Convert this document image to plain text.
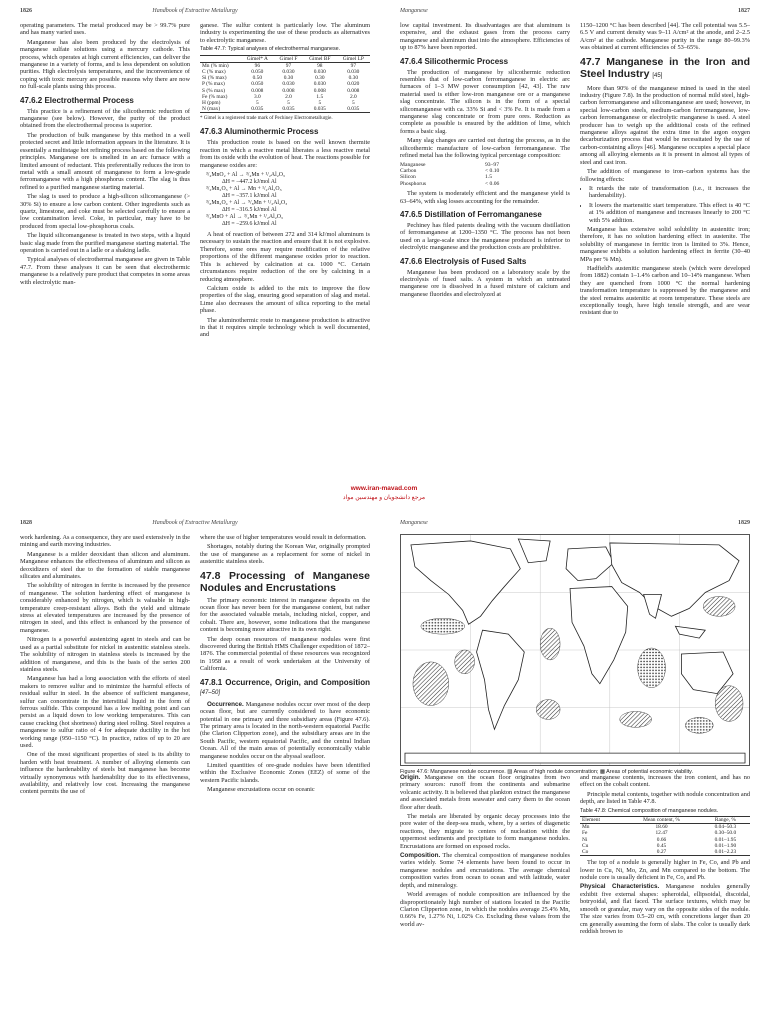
1826	Handbook of Extractive Metallurgy

operating parameters. The metal produced may be > 99.7% pure and has many varied uses.

Manganese has also been produced by the electrolysis of manganese sulfate solutions using a mercury cathode. This process, which operates at high current efficiencies, can deliver the manganese in a variety of forms, and is less dependent on solution purities. High electrolysis temperatures, and the inconvenience of coping with toxic mercury are possible reasons why there are now no full-scale plants using this process.

47.6.2 Electrothermal Process

This practice is a refinement of the silicothermic reduction of manganese (see below). However, the purity of the product obtained from the electrothermal process is superior.

The production of bulk manganese by this method in a well protected secret and little information appears in the literature. It is essentially a multistage hot refining process based on the following principles. Manganese ore is smelted in an arc furnace with a limited amount of reductant. This preferentially reduces the iron to metal with a small amount of manganese to form a low-grade ferromanganese with a high phosphorus content. The slag is thus refined to a purified manganese starting material.

The slag is used to produce a high-silicon silicomanganese (> 30% Si) to ensure a low carbon content. Other ingredients such as quartz, limestone, and coke must be selected carefully to ensure a low contamination level. Coke, in particular, may have to be produced from special low-phosphorus coals.

The liquid silicomanganese is treated in two steps, with a liquid basic slag made from the purified manganese starting material. The operation is carried out in a ladle or a shaking ladle.

Typical analyses of electrothermal manganese are given in Table 47.7. From these analyses it can be seen that electrothermic manganese is a relatively pure product that competes in some areas with electrolytic man-

ganese. The sulfur content is particularly low. The aluminum industry is experimenting the use of these products as alternatives to electrolytic manganese.

Table 47.7: Typical analyses of electrothermal manganese.
	Gimel* A	Gimel F	Gimel BF	Gimel LP
Mn (% min)	96	97	98	97
C (% max)	0.050	0.030	0.030	0.030
Si (% max)	0.50	0.30	0.30	0.30
P (% max)	0.050	0.030	0.030	0.020
S (% max)	0.008	0.008	0.008	0.008
Fe (% max)	3.0	2.0	1.5	2.0
H (ppm)	5	5	5	5
N (max)	0.035	0.035	0.035	0.035
* Gimel is a registered trade mark of Pechiney Electrometallurgie.
47.6.3 Aluminothermic Process

This production route is based on the well known thermite reaction in which a reactive metal liberates a less reactive metal from its oxide with the evolution of heat. The reactions possible for manganese oxides are:

³/₄MnO₂ + Al → ³/₄Mn + ¹/₂Al₂O₃
ΔH = −447.2 kJ/mol Al
³/₂Mn₂O₃ + Al → Mn + ¹/₂Al₂O₃
ΔH = −357.1 kJ/mol Al
³/₈Mn₃O₄ + Al → ⁹/₈Mn + ¹/₂Al₂O₃
ΔH = −316.5 kJ/mol Al
³/₂MnO + Al → ³/₂Mn + ¹/₂Al₂O₃
ΔH = −259.6 kJ/mol Al

A heat of reaction of between 272 and 314 kJ/mol aluminum is necessary to sustain the reaction and ensure that it is not explosive. Therefore, some ores may require modification of the relative proportions of the different manganese oxides prior to reaction. This is achieved by calcination at ca. 1000 °C. Certain circumstances require reduction of the ore by calcining in a reducing atmosphere.

Calcium oxide is added to the mix to improve the flow properties of the slag, ensuring good separation of slag and metal. Lime also decreases the amount of silica reporting to the metal phase.

The aluminothermic route to manganese production is attractive in that it requires simple technology which is well documented, and

Manganese	1827

low capital investment. Its disadvantages are that aluminum is expensive, and the exhaust gases from the process carry manganese and aluminum dust into the atmosphere. Efficiencies of up to 87% have been reported.

47.6.4 Silicothermic Process

The production of manganese by silicothermic reduction resembles that of low-carbon ferromanganese in electric arc furnaces of 1–3 MW power consumption [42, 43]. The raw material used is either low-iron manganese ore or a manganese slag concentrate. The silicon is in the form of a special silicomanganese with ca. 33% Si and < 3% Fe. It is made from a manganese slag concentrate or from pure ores. Reduction as complete as possible is ensured by the addition of lime, which forms a basic slag.

Many slag changes are carried out during the process, as in the silicothermic manufacture of low-carbon ferromanganese. The refined metal has the following typical percentage composition:

Manganese	93–97
Carbon	< 0.10
Silicon	1.5
Phosphorus	< 0.06

The system is moderately efficient and the manganese yield is 63–64%, with slag losses accounting for the remainder.

47.6.5 Distillation of Ferromanganese

Pechiney has filed patents dealing with the vacuum distillation of ferromanganese at 1200–1350 °C. The process has not been used on a large-scale since the manganese produced is inferior to electrolytic manganese and the production costs are prohibitive.

47.6.6 Electrolysis of Fused Salts

Manganese has been produced on a laboratory scale by the electrolysis of fused salts. A system in which an untreated manganese ore is dissolved in a fused mixture of calcium and manganese fluorides and electrolyzed at

1150–1200 °C has been described [44]. The cell potential was 5.5–6.5 V and current density was 9–11 A/cm² at the anode, and 2–2.5 A/cm² at the cathode. Manganese purity in the range 80–99.3% was obtained at current efficiencies of 53–65%.

47.7 Manganese in the Iron and Steel Industry [45]

More than 90% of the manganese mined is used in the steel industry (Figure 7.8). In the production of normal mild steel, high-carbon ferromanganese and silicomanganese are used; however, in special low-carbon steels, medium-carbon ferromanganese, low-carbon ferromanganese or electrolytic manganese is used. A steel producer has to weigh up the additional costs of the refined manganese alloys against the extra time in the argon oxygen decarburization process that would be necessitated by the use of carbon-containing alloys [46]. Manganese occupies a special place among all alloying elements as it is present in almost all types of steel and cast iron.

The addition of manganese to iron–carbon systems has the following effects:

• It retards the rate of transformation (i.e., it increases the hardenability).
• It lowers the martensitic start temperature. This effect is 40 °C at 1% addition of manganese and increases linearly to 200 °C with 5% addition.

Manganese has extensive solid solubility in austenitic iron; therefore, it has no solution hardening effect in austenite. The solubility of manganese in ferritic iron is limited to 3%. Hence, manganese exhibits a solution hardening effect in ferrite (30–40 MPa per % Mn).

Hadfield's austenitic manganese steels (which were developed from 1882) contain 1–1.4% carbon and 10–14% manganese. When they are quenched from 1000 °C the normal hardening transformation temperature is suppressed by the manganese and the steel remains austenitic at room temperature. These steels are exceptionally tough, have high tensile strength, and are wear resistant due to

www.iran-mavad.com
مرجع دانشجویان و مهندسین مواد
1828	Handbook of Extractive Metallurgy

work hardening. As a consequence, they are used extensively in the mining and earth moving industries.

Manganese is a milder deoxidant than silicon and aluminum. Manganese enhances the effectiveness of aluminum and silicon as deoxidizers of steel due to the formation of stable manganese silicates and aluminates.

The solubility of nitrogen in ferrite is increased by the presence of manganese. The solution hardening effect of manganese is considerably enhanced by nitrogen, which is valuable in high-temperature creep-resistant alloys. Both the yield and ultimate stress at elevated temperatures are increased by the presence of nitrogen in steel, and this effect is enhanced by the presence of manganese.

Nitrogen is a powerful austenizing agent in steels and can be used as a partial substitute for nickel in austenitic stainless steels. The solubility of nitrogen in stainless steels is increased by the addition of manganese, and this is the basis of the series 200 stainless steels.

Manganese has had a long association with the efforts of steel makers to remove sulfur and to minimize the harmful effects of residual sulfur in steel. In the absence of sufficient manganese, sulfur can concentrate in the interstitial liquid in the form of ferrous sulfide. This compound has a low melting point and can persist as a liquid down to low working temperatures. This can cause cracking (hot shortness) during steel rolling. Steel requires a manganese to sulfur ratio of 4 for adequate ductility in the hot working range (950–1150 °C). In practice, ratios of up to 20 are used.

One of the most significant properties of steel is its ability to harden with heat treatment. A number of alloying elements can influence the hardenability of steels but manganese has become virtually synonymous with hardenability due to its effectiveness, availability, and relatively low cost. Increasing the manganese content permits the use of

where the use of higher temperatures would result in deformation.

Shortages, notably during the Korean War, originally prompted the use of manganese as a replacement for some of nickel in austenitic stainless steels.

47.8 Processing of Manganese Nodules and Encrustations

The primary economic interest in manganese deposits on the ocean floor has never been for the manganese content, but rather for the associated valuable metals, including nickel, copper, and cobalt. There are, however, some indications that the manganese content is becoming more attractive in its own right.

The deep ocean resources of manganese nodules were first discovered during the British HMS Challenger expedition of 1872–1876. The commercial potential of these resources was recognized in 1958 as a result of work undertaken at the University of California.

47.8.1 Occurrence, Origin, and Composition [47–50]

Occurrence. Manganese nodules occur over most of the deep ocean floor, but are currently considered to have economic potential in one primary and three subsidiary areas (Figure 47.6). The primary area is located in the north-western equatorial Pacific (the Clarion Clipperton zone), and the subsidiary areas are in the South Pacific, western equatorial Pacific, and the central Indian Ocean. All of the main areas of potentially economically viable manganese nodules occur on the abyssal seafloor.

Limited quantities of ore-grade nodules have been identified within the Exclusive Economic Zones (EEZ) of some of the western Pacific islands.

Manganese encrustations occur on oceanic

Manganese	1829
Figure 47.6: Manganese nodule occurrence. ▨ Areas of high nodule concentration; ▩ Areas of potential economic viability.

Origin. Manganese on the ocean floor originates from two primary sources: runoff from the continents and submarine volcanic activity. It is believed that plankton extract the manganese and associated metals from seawater and carry them to the ocean floor after death.

The metals are liberated by organic decay processes into the pore water of the deep-sea muds, where, by a series of diagenetic reactions, they migrate to centers of nucleation within the uppermost sediments and precipitate to form manganese nodules. Encrustations are formed on exposed rocks.

Composition. The chemical composition of manganese nodules varies widely. Some 74 elements have been found to occur in manganese nodules and encrustations. The average chemical composition varies from ocean to ocean and with latitude, water depth, and mineralogy.

World averages of nodule composition are influenced by the disproportionately high number of stations located in the Pacific Clarion Clipperton zone, in which the nodules average 25.4% Mn, 0.66% Fe, 1.27% Ni, 1.02% Co. Excluding these values from the world av-

and manganese contents, increases the iron content, and has no effect on the cobalt content.

Principle metal contents, together with nodule concentration and depth, are listed in Table 47.8.

Table 47.8: Chemical composition of manganese nodules.
Element	Mean content, %	Range, %
Mn	18.60	0.04–50.3
Fe	12.47	0.30–50.0
Ni	0.66	0.01–1.95
Cu	0.45	0.01–1.90
Co	0.27	0.01–2.23

The top of a nodule is generally higher in Fe, Co, and Pb and lower in Cu, Ni, Mo, Zn, and Mn compared to the bottom. The nodule core is usually deficient in Fe, Co, and Pb.

Physical Characteristics. Manganese nodules generally exhibit five external shapes: spheroidal, ellipsoidal, discoidal, botryoidal, and flat faced. The surface textures, which may be smooth or granular, may vary on the opposite sides of the nodule. The size varies from 0.5–20 cm, with concretions larger than 20 cm generally assuming the form of slabs. The color is usually dark reddish brown to
